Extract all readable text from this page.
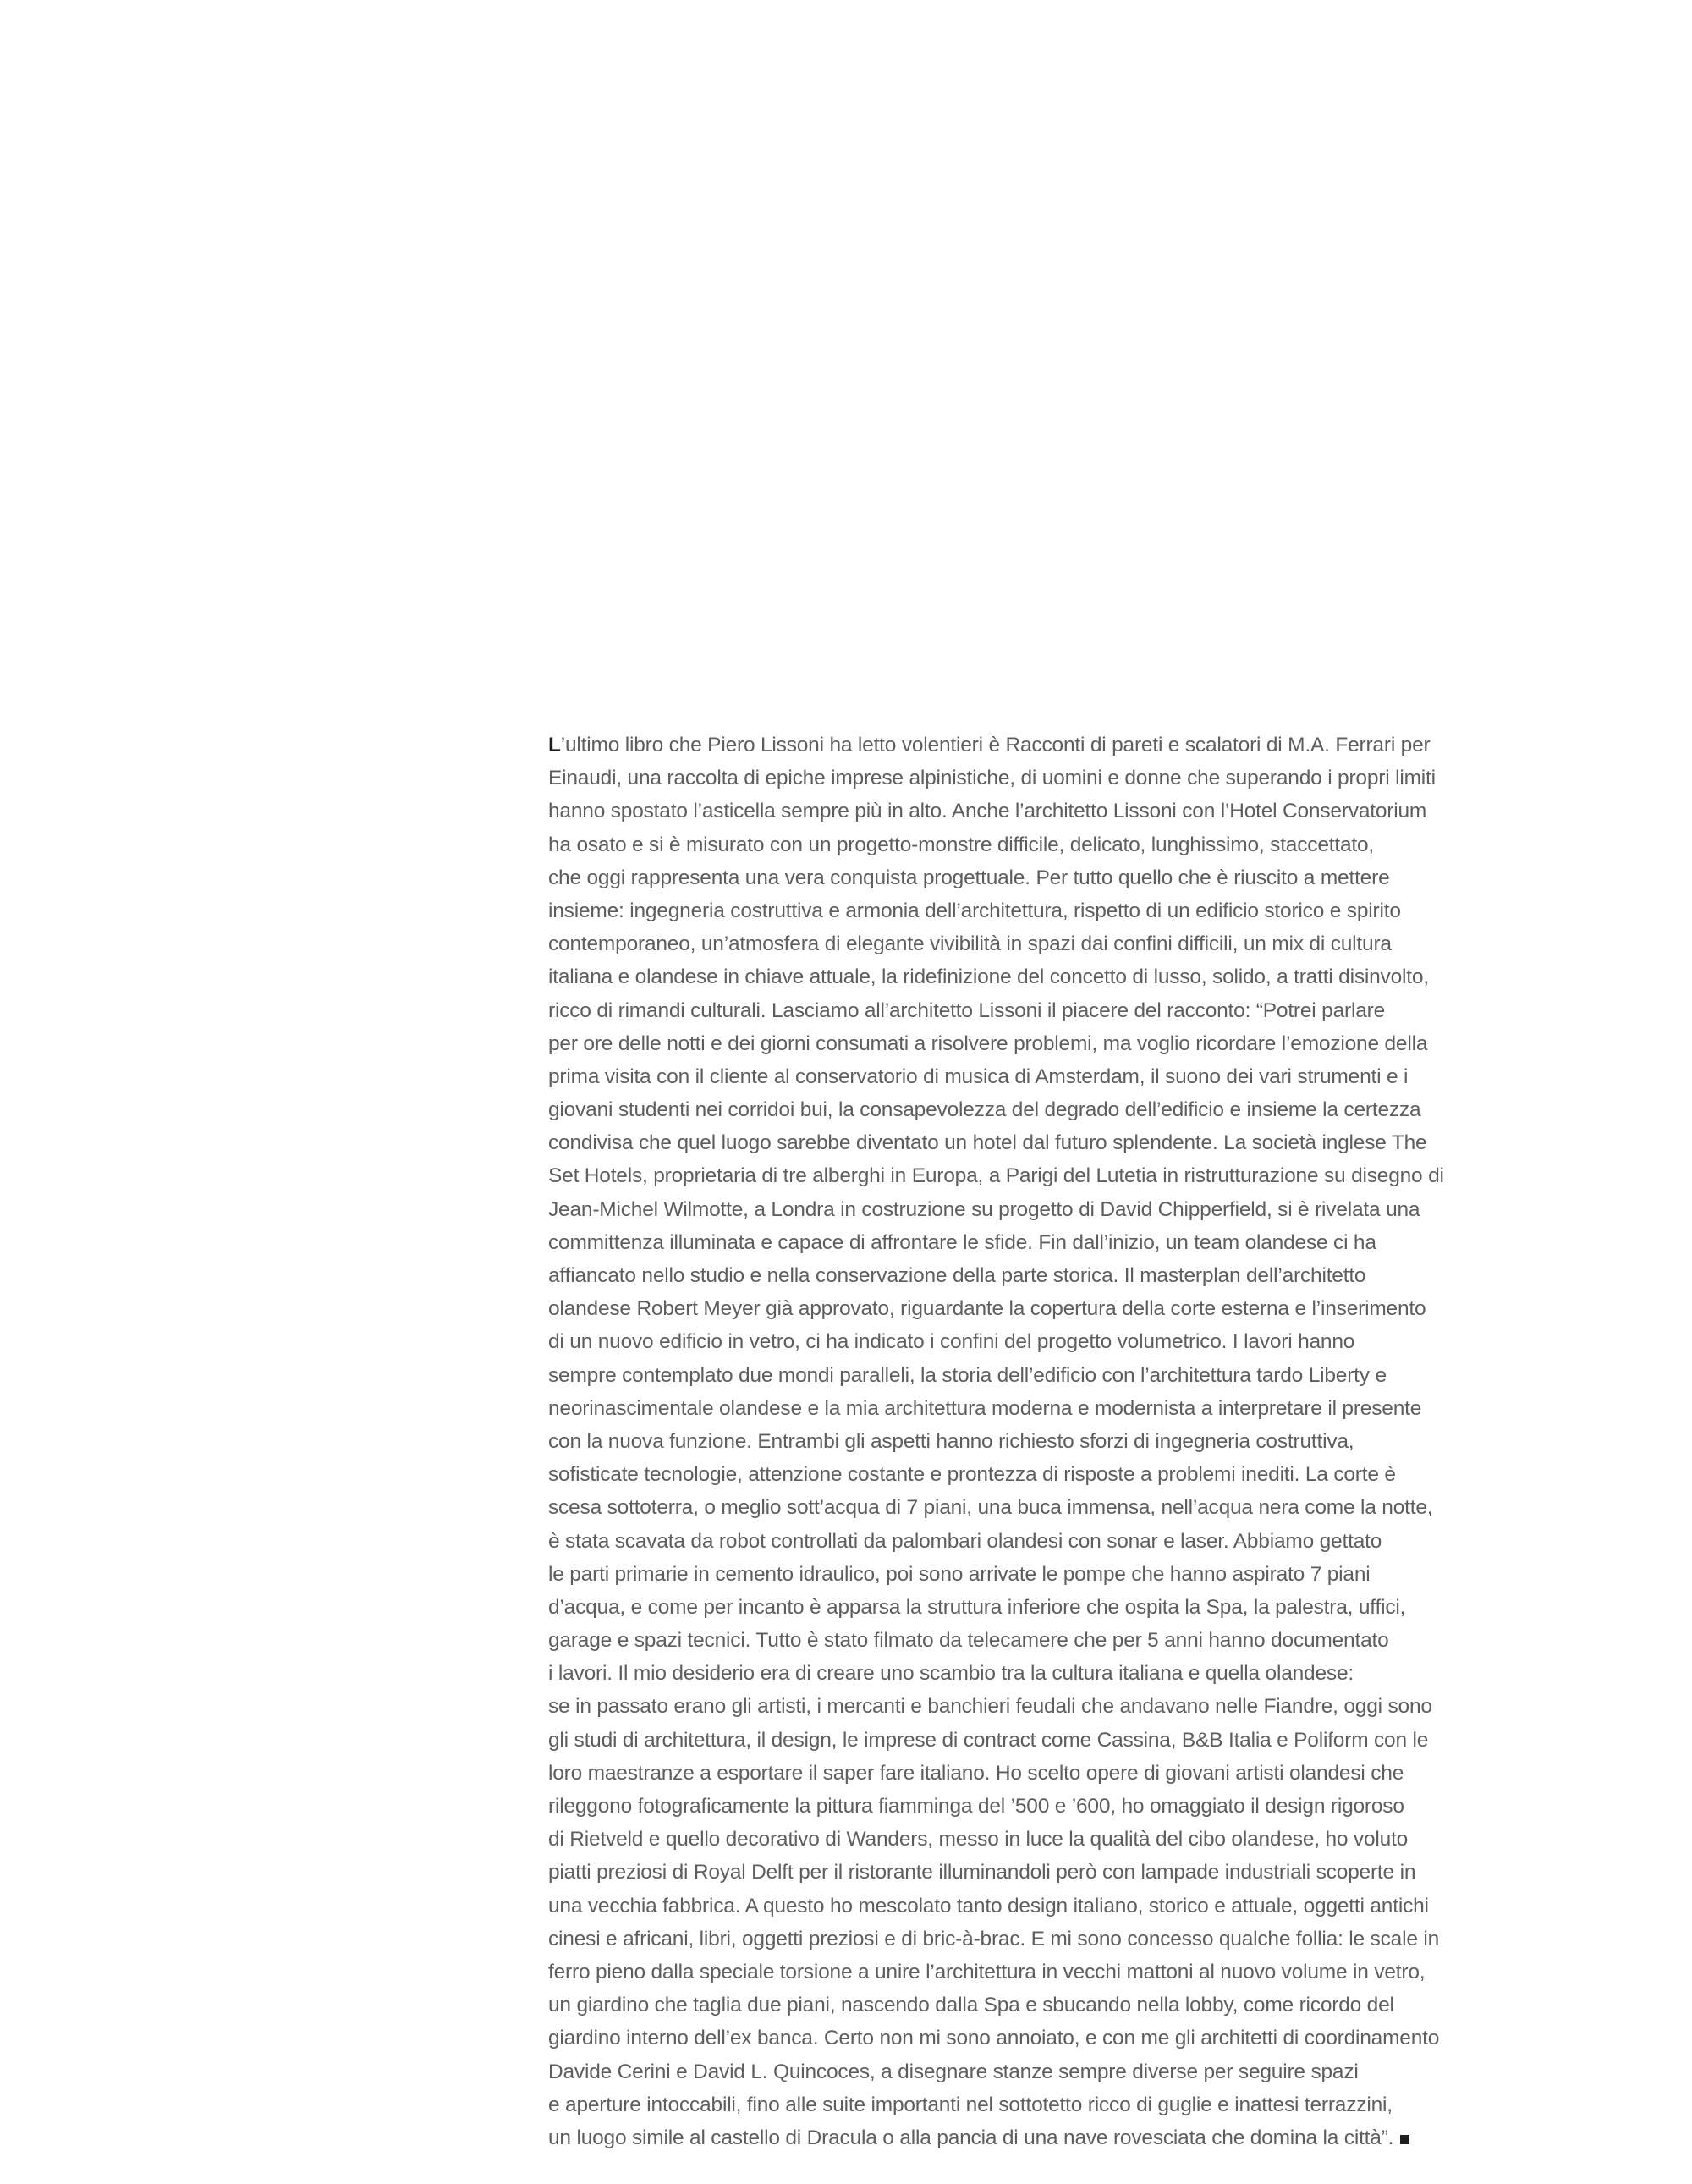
L’ultimo libro che Piero Lissoni ha letto volentieri è Racconti di pareti e scalatori di M.A. Ferrari per
Einaudi, una raccolta di epiche imprese alpinistiche, di uomini e donne che superando i propri limiti
hanno spostato l’asticella sempre più in alto. Anche l’architetto Lissoni con l’Hotel Conservatorium
ha osato e si è misurato con un progetto-monstre difficile, delicato, lunghissimo, staccettato,
che oggi rappresenta una vera conquista progettuale. Per tutto quello che è riuscito a mettere
insieme: ingegneria costruttiva e armonia dell’architettura, rispetto di un edificio storico e spirito
contemporaneo, un’atmosfera di elegante vivibilità in spazi dai confini difficili, un mix di cultura
italiana e olandese in chiave attuale, la ridefinizione del concetto di lusso, solido, a tratti disinvolto,
ricco di rimandi culturali. Lasciamo all’architetto Lissoni il piacere del racconto: “Potrei parlare
per ore delle notti e dei giorni consumati a risolvere problemi, ma voglio ricordare l’emozione della
prima visita con il cliente al conservatorio di musica di Amsterdam, il suono dei vari strumenti e i
giovani studenti nei corridoi bui, la consapevolezza del degrado dell’edificio e insieme la certezza
condivisa che quel luogo sarebbe diventato un hotel dal futuro splendente. La società inglese The
Set Hotels, proprietaria di tre alberghi in Europa, a Parigi del Lutetia in ristrutturazione su disegno di
Jean-Michel Wilmotte, a Londra in costruzione su progetto di David Chipperfield, si è rivelata una
committenza illuminata e capace di affrontare le sfide. Fin dall’inizio, un team olandese ci ha
affiancato nello studio e nella conservazione della parte storica. Il masterplan dell’architetto
olandese Robert Meyer già approvato, riguardante la copertura della corte esterna e l’inserimento
di un nuovo edificio in vetro, ci ha indicato i confini del progetto volumetrico. I lavori hanno
sempre contemplato due mondi paralleli, la storia dell’edificio con l’architettura tardo Liberty e
neorinascimentale olandese e la mia architettura moderna e modernista a interpretare il presente
con la nuova funzione. Entrambi gli aspetti hanno richiesto sforzi di ingegneria costruttiva,
sofisticate tecnologie, attenzione costante e prontezza di risposte a problemi inediti. La corte è
scesa sottoterra, o meglio sott’acqua di 7 piani, una buca immensa, nell’acqua nera come la notte,
è stata scavata da robot controllati da palombari olandesi con sonar e laser. Abbiamo gettato
le parti primarie in cemento idraulico, poi sono arrivate le pompe che hanno aspirato 7 piani
d’acqua, e come per incanto è apparsa la struttura inferiore che ospita la Spa, la palestra, uffici,
garage e spazi tecnici. Tutto è stato filmato da telecamere che per 5 anni hanno documentato
i lavori. Il mio desiderio era di creare uno scambio tra la cultura italiana e quella olandese:
se in passato erano gli artisti, i mercanti e banchieri feudali che andavano nelle Fiandre, oggi sono
gli studi di architettura, il design, le imprese di contract come Cassina, B&B Italia e Poliform con le
loro maestranze a esportare il saper fare italiano. Ho scelto opere di giovani artisti olandesi che
rileggono fotograficamente la pittura fiamminga del ’500 e ’600, ho omaggiato il design rigoroso
di Rietveld e quello decorativo di Wanders, messo in luce la qualità del cibo olandese, ho voluto
piatti preziosi di Royal Delft per il ristorante illuminandoli però con lampade industriali scoperte in
una vecchia fabbrica. A questo ho mescolato tanto design italiano, storico e attuale, oggetti antichi
cinesi e africani, libri, oggetti preziosi e di bric-à-brac. E mi sono concesso qualche follia: le scale in
ferro pieno dalla speciale torsione a unire l’architettura in vecchi mattoni al nuovo volume in vetro,
un giardino che taglia due piani, nascendo dalla Spa e sbucando nella lobby, come ricordo del
giardino interno dell’ex banca. Certo non mi sono annoiato, e con me gli architetti di coordinamento
Davide Cerini e David L. Quincoces, a disegnare stanze sempre diverse per seguire spazi
e aperture intoccabili, fino alle suite importanti nel sottotetto ricco di guglie e inattesi terrazzini,
un luogo simile al castello di Dracula o alla pancia di una nave rovesciata che domina la città”.
